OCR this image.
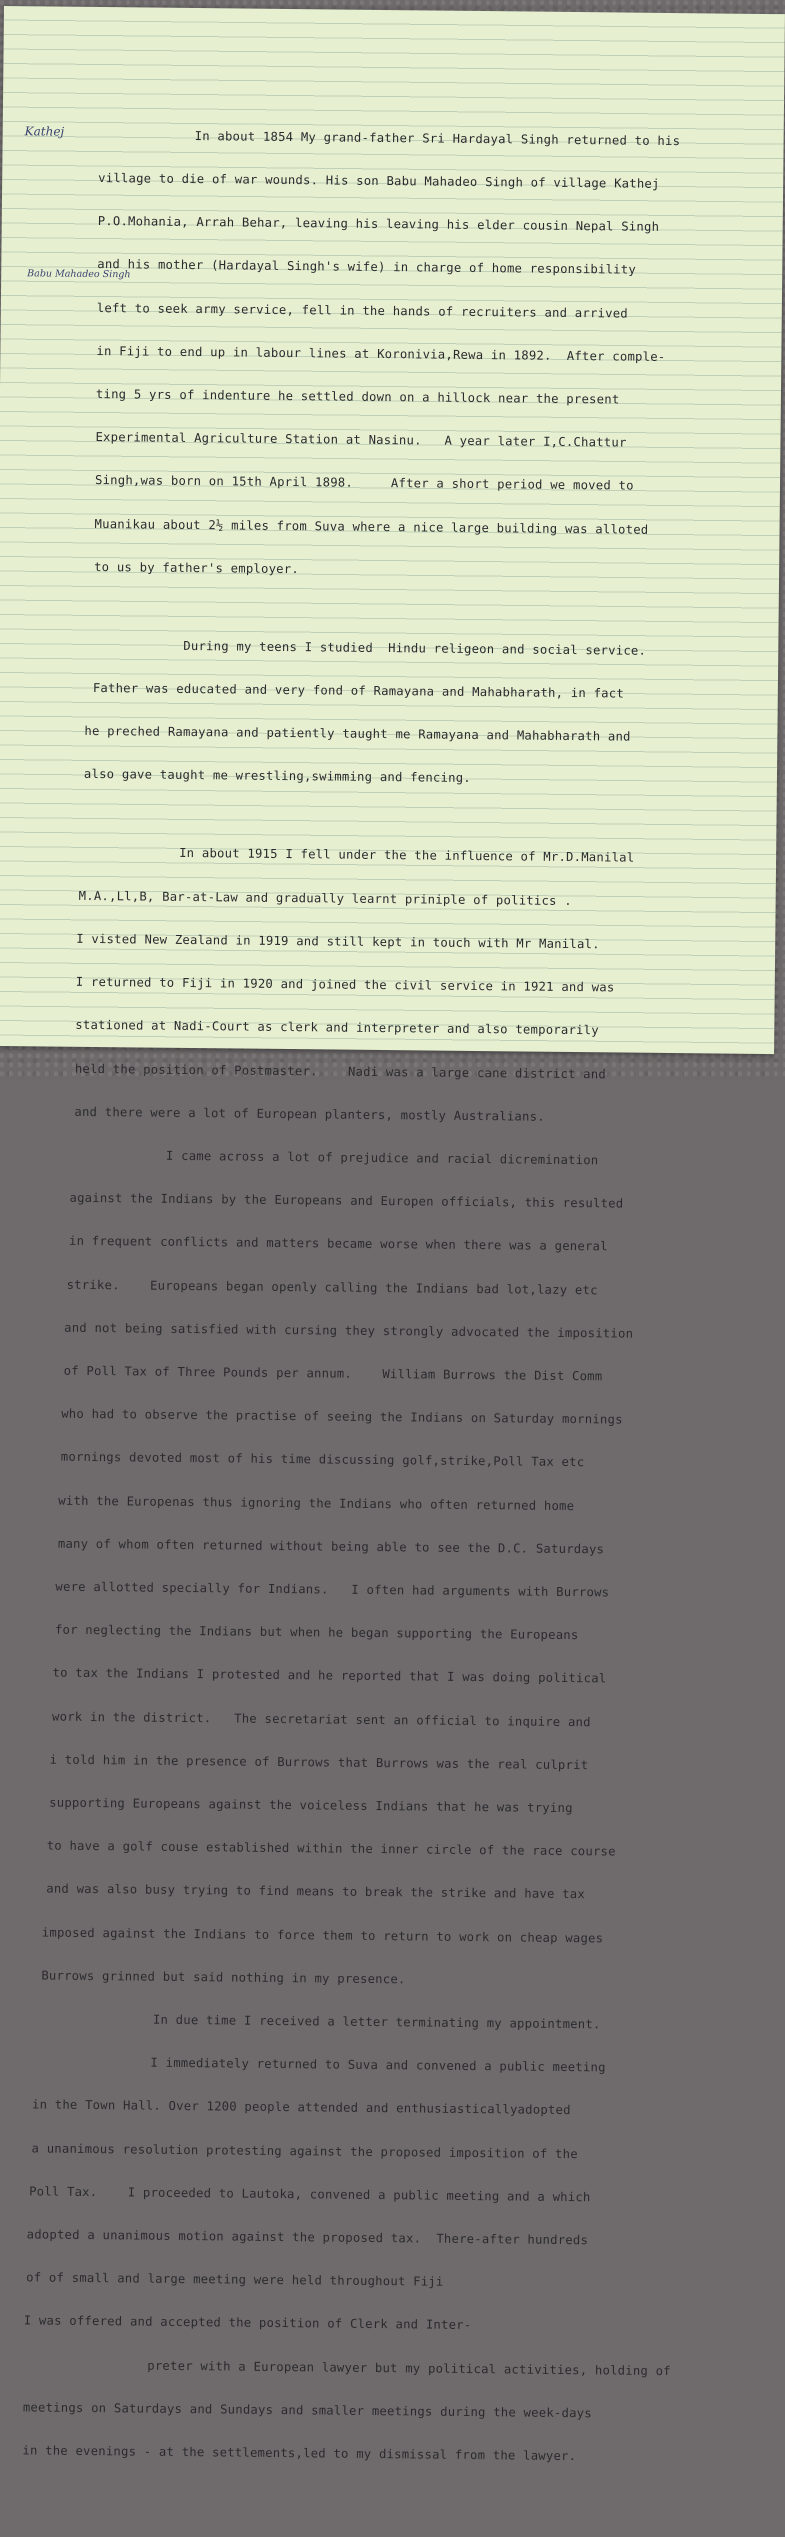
Kathej
Babu Mahadeo Singh

In about 1854 My grand-father Sri Hardayal Singh returned to his

village to die of war wounds. His son Babu Mahadeo Singh of village Kathej

P.O.Mohania, Arrah Behar, leaving his leaving his elder cousin Nepal Singh

and his mother (Hardayal Singh's wife) in charge of home responsibility

left to seek army service, fell in the hands of recruiters and arrived

in Fiji to end up in labour lines at Koronivia,Rewa in 1892.  After comple-

ting 5 yrs of indenture he settled down on a hillock near the present

Experimental Agriculture Station at Nasinu.   A year later I,C.Chattur

Singh,was born on 15th April 1898.     After a short period we moved to

Muanikau about 2½ miles from Suva where a nice large building was alloted

to us by father's employer.

During my teens I studied  Hindu religeon and social service.

Father was educated and very fond of Ramayana and Mahabharath, in fact

he preched Ramayana and patiently taught me Ramayana and Mahabharath and

also gave taught me wrestling,swimming and fencing.

In about 1915 I fell under the the influence of Mr.D.Manilal

M.A.,Ll,B, Bar-at-Law and gradually learnt priniple of politics .

I visted New Zealand in 1919 and still kept in touch with Mr Manilal.

I returned to Fiji in 1920 and joined the civil service in 1921 and was

stationed at Nadi-Court as clerk and interpreter and also temporarily

held the position of Postmaster.    Nadi was a large cane district and

and there were a lot of European planters, mostly Australians.

I came across a lot of prejudice and racial dicremination

against the Indians by the Europeans and Europen officials, this resulted

in frequent conflicts and matters became worse when there was a general

strike.    Europeans began openly calling the Indians bad lot,lazy etc

and not being satisfied with cursing they strongly advocated the imposition

of Poll Tax of Three Pounds per annum.    William Burrows the Dist Comm

who had to observe the practise of seeing the Indians on Saturday mornings

mornings devoted most of his time discussing golf,strike,Poll Tax etc

with the Europenas thus ignoring the Indians who often returned home

many of whom often returned without being able to see the D.C. Saturdays

were allotted specially for Indians.   I often had arguments with Burrows

for neglecting the Indians but when he began supporting the Europeans

to tax the Indians I protested and he reported that I was doing political

work in the district.   The secretariat sent an official to inquire and

i told him in the presence of Burrows that Burrows was the real culprit

supporting Europeans against the voiceless Indians that he was trying

to have a golf couse established within the inner circle of the race course

and was also busy trying to find means to break the strike and have tax

imposed against the Indians to force them to return to work on cheap wages

Burrows grinned but said nothing in my presence.

In due time I received a letter terminating my appointment.

I immediately returned to Suva and convened a public meeting

in the Town Hall. Over 1200 people attended and enthusiasticallyadopted

a unanimous resolution protesting against the proposed imposition of the

Poll Tax.    I proceeded to Lautoka, convened a public meeting and a which

adopted a unanimous motion against the proposed tax.  There-after hundreds

of of small and large meeting were held throughout Fiji

I was offered and accepted the position of Clerk and Inter-

preter with a European lawyer but my political activities, holding of

meetings on Saturdays and Sundays and smaller meetings during the week-days

in the evenings - at the settlements,led to my dismissal from the lawyer.
